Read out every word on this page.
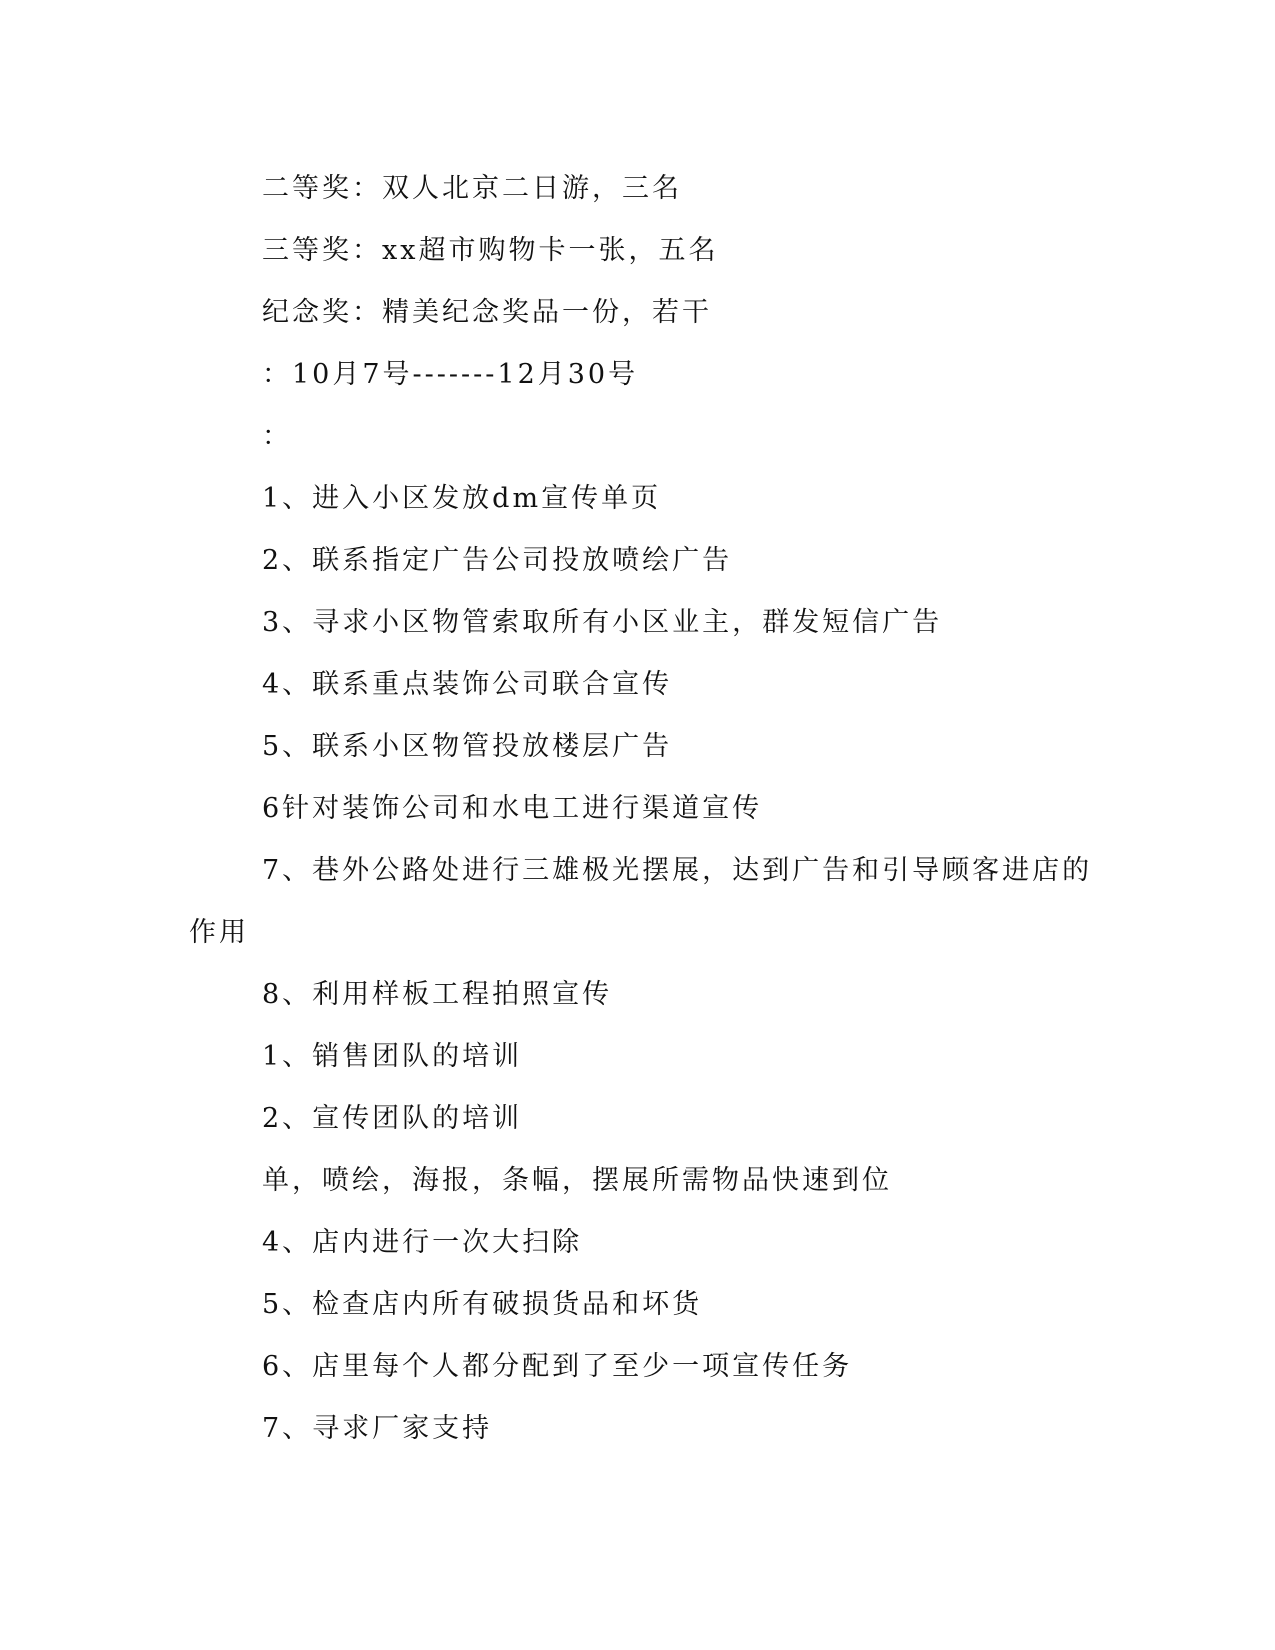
二等奖：双人北京二日游，三名
三等奖：xx超市购物卡一张，五名
纪念奖：精美纪念奖品一份，若干
：10月7号-------12月30号
：
1、进入小区发放dm宣传单页
2、联系指定广告公司投放喷绘广告
3、寻求小区物管索取所有小区业主，群发短信广告
4、联系重点装饰公司联合宣传
5、联系小区物管投放楼层广告
6针对装饰公司和水电工进行渠道宣传
7、巷外公路处进行三雄极光摆展，达到广告和引导顾客进店的
作用
8、利用样板工程拍照宣传
1、销售团队的培训
2、宣传团队的培训
单，喷绘，海报，条幅，摆展所需物品快速到位
4、店内进行一次大扫除
5、检查店内所有破损货品和坏货
6、店里每个人都分配到了至少一项宣传任务
7、寻求厂家支持
